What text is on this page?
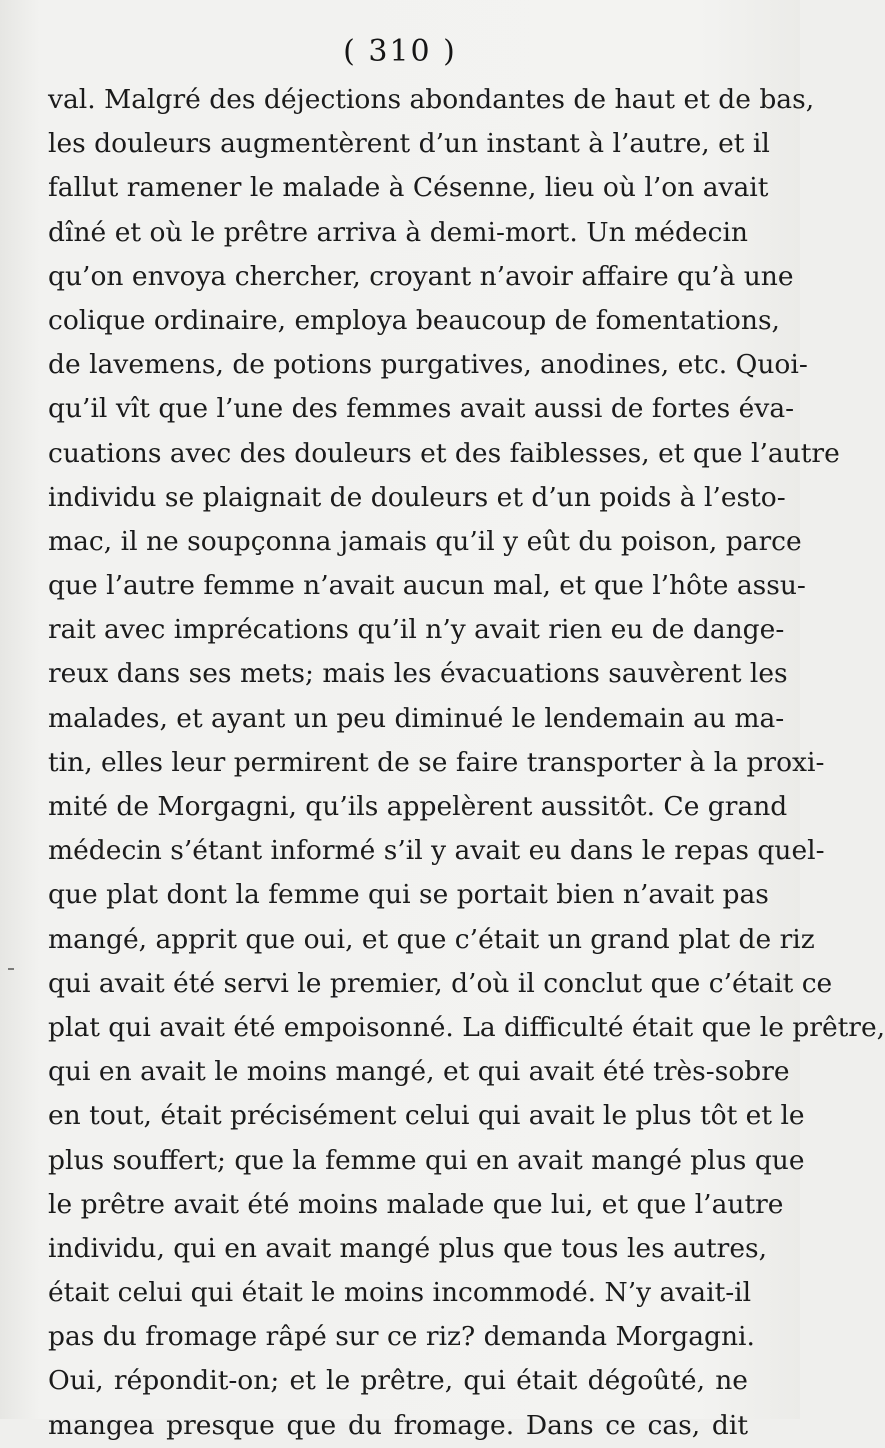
( 310 )
val. Malgré des déjections abondantes de haut et de bas,
les douleurs augmentèrent d’un instant à l’autre, et il
fallut ramener le malade à Césenne, lieu où l’on avait
dîné et où le prêtre arriva à demi-mort. Un médecin
qu’on envoya chercher, croyant n’avoir affaire qu’à une
colique ordinaire, employa beaucoup de fomentations,
de lavemens, de potions purgatives, anodines, etc. Quoi-
qu’il vît que l’une des femmes avait aussi de fortes éva-
cuations avec des douleurs et des faiblesses, et que l’autre
individu se plaignait de douleurs et d’un poids à l’esto-
mac, il ne soupçonna jamais qu’il y eût du poison, parce
que l’autre femme n’avait aucun mal, et que l’hôte assu-
rait avec imprécations qu’il n’y avait rien eu de dange-
reux dans ses mets; mais les évacuations sauvèrent les
malades, et ayant un peu diminué le lendemain au ma-
tin, elles leur permirent de se faire transporter à la proxi-
mité de Morgagni, qu’ils appelèrent aussitôt. Ce grand
médecin s’étant informé s’il y avait eu dans le repas quel-
que plat dont la femme qui se portait bien n’avait pas
mangé, apprit que oui, et que c’était un grand plat de riz
qui avait été servi le premier, d’où il conclut que c’était ce
plat qui avait été empoisonné. La difficulté était que le prêtre,
qui en avait le moins mangé, et qui avait été très-sobre
en tout, était précisément celui qui avait le plus tôt et le
plus souffert; que la femme qui en avait mangé plus que
le prêtre avait été moins malade que lui, et que l’autre
individu, qui en avait mangé plus que tous les autres,
était celui qui était le moins incommodé. N’y avait-il
pas du fromage râpé sur ce riz? demanda Morgagni.
Oui, répondit-on; et le prêtre, qui était dégoûté, ne
mangea presque que du fromage. Dans ce cas, dit
